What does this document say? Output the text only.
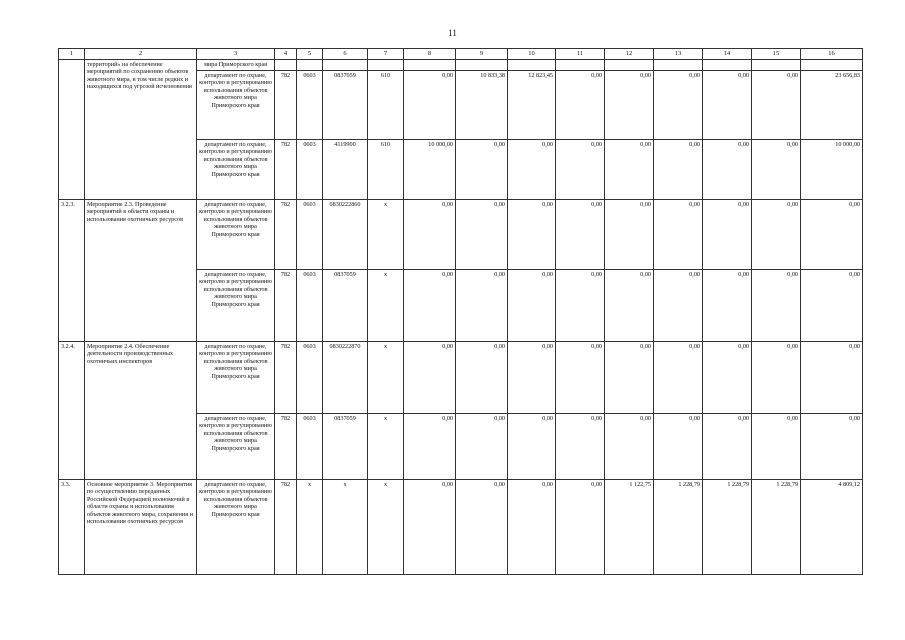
11
1	2	3	4	5	6	7	8	9	10	11	12	13	14	15	16
	территорий» на обеспечение мероприятий по сохранению объектов животного мира, в том числе редких и находящихся под угрозой исчезновения	мира Приморского края													
		департамент по охране, контролю и регулированию использования объектов животного мира Приморского края	782	0603	0837059	610	0,00	10 833,38	12 823,45	0,00	0,00	0,00	0,00	0,00	23 656,83
		департамент по охране, контролю и регулированию использования объектов животного мира Приморского края	782	0603	4119900	610	10 000,00	0,00	0,00	0,00	0,00	0,00	0,00	0,00	10 000,00
3.2.3.	Мероприятие 2.3. Проведение мероприятий в области охраны и использования охотничьих ресурсов	департамент по охране, контролю и регулированию использования объектов животного мира Приморского края	782	0603	0830222860	x	0,00	0,00	0,00	0,00	0,00	0,00	0,00	0,00	0,00
		департамент по охране, контролю и регулированию использования объектов животного мира Приморского края	782	0603	0837059	x	0,00	0,00	0,00	0,00	0,00	0,00	0,00	0,00	0,00
3.2.4.	Мероприятие 2.4. Обеспечение деятельности производственных охотничьих инспекторов	департамент по охране, контролю и регулированию использования объектов животного мира Приморского края	782	0603	0830222870	x	0,00	0,00	0,00	0,00	0,00	0,00	0,00	0,00	0,00
		департамент по охране, контролю и регулированию использования объектов животного мира Приморского края	782	0603	0837059	x	0,00	0,00	0,00	0,00	0,00	0,00	0,00	0,00	0,00
3.3.	Основное мероприятие 3. Мероприятия по осуществлению переданных Российской Федерацией полномочий в области охраны и использования объектов животного мира, сохранения и использования охотничьих ресурсов	департамент по охране, контролю и регулированию использования объектов животного мира Приморского края	782	x	x	x	0,00	0,00	0,00	0,00	1 122,75	1 228,79	1 228,79	1 228,79	4 809,12
